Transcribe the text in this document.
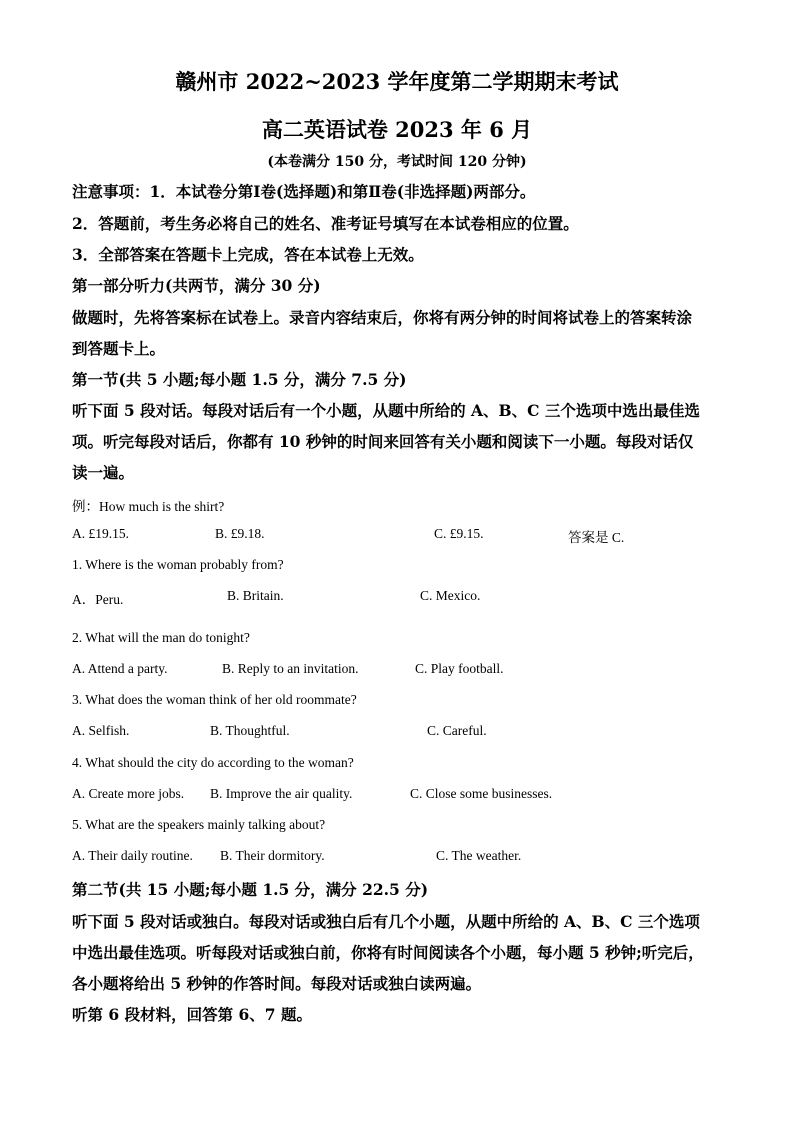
赣州市 2022~2023 学年度第二学期期末考试
高二英语试卷 2023 年 6 月
(本卷满分 150 分，考试时间 120 分钟)
注意事项：1．本试卷分第Ⅰ卷(选择题)和第Ⅱ卷(非选择题)两部分。
2．答题前，考生务必将自己的姓名、准考证号填写在本试卷相应的位置。
3．全部答案在答题卡上完成，答在本试卷上无效。
第一部分听力(共两节，满分 30 分)
做题时，先将答案标在试卷上。录音内容结束后，你将有两分钟的时间将试卷上的答案转涂
到答题卡上。
第一节(共 5 小题;每小题 1.5 分，满分 7.5 分)
听下面 5 段对话。每段对话后有一个小题，从题中所给的 A、B、C 三个选项中选出最佳选
项。听完每段对话后，你都有 10 秒钟的时间来回答有关小题和阅读下一小题。每段对话仅
读一遍。
例：How much is the shirt?
A. £19.15.	B. £9.18.	C. £9.15.	答案是 C.
1. Where is the woman probably from?
A．Peru.	B. Britain.	C. Mexico.
2. What will the man do tonight?
A. Attend a party.	B. Reply to an invitation.	C. Play football.
3. What does the woman think of her old roommate?
A. Selfish.	B. Thoughtful.	C. Careful.
4. What should the city do according to the woman?
A. Create more jobs. B. Improve the air quality.	C. Close some businesses.
5. What are the speakers mainly talking about?
A. Their daily routine. B. Their dormitory.	C. The weather.
第二节(共 15 小题;每小题 1.5 分，满分 22.5 分)
听下面 5 段对话或独白。每段对话或独白后有几个小题，从题中所给的 A、B、C 三个选项
中选出最佳选项。听每段对话或独白前，你将有时间阅读各个小题，每小题 5 秒钟;听完后，
各小题将给出 5 秒钟的作答时间。每段对话或独白读两遍。
听第 6 段材料，回答第 6、7 题。
